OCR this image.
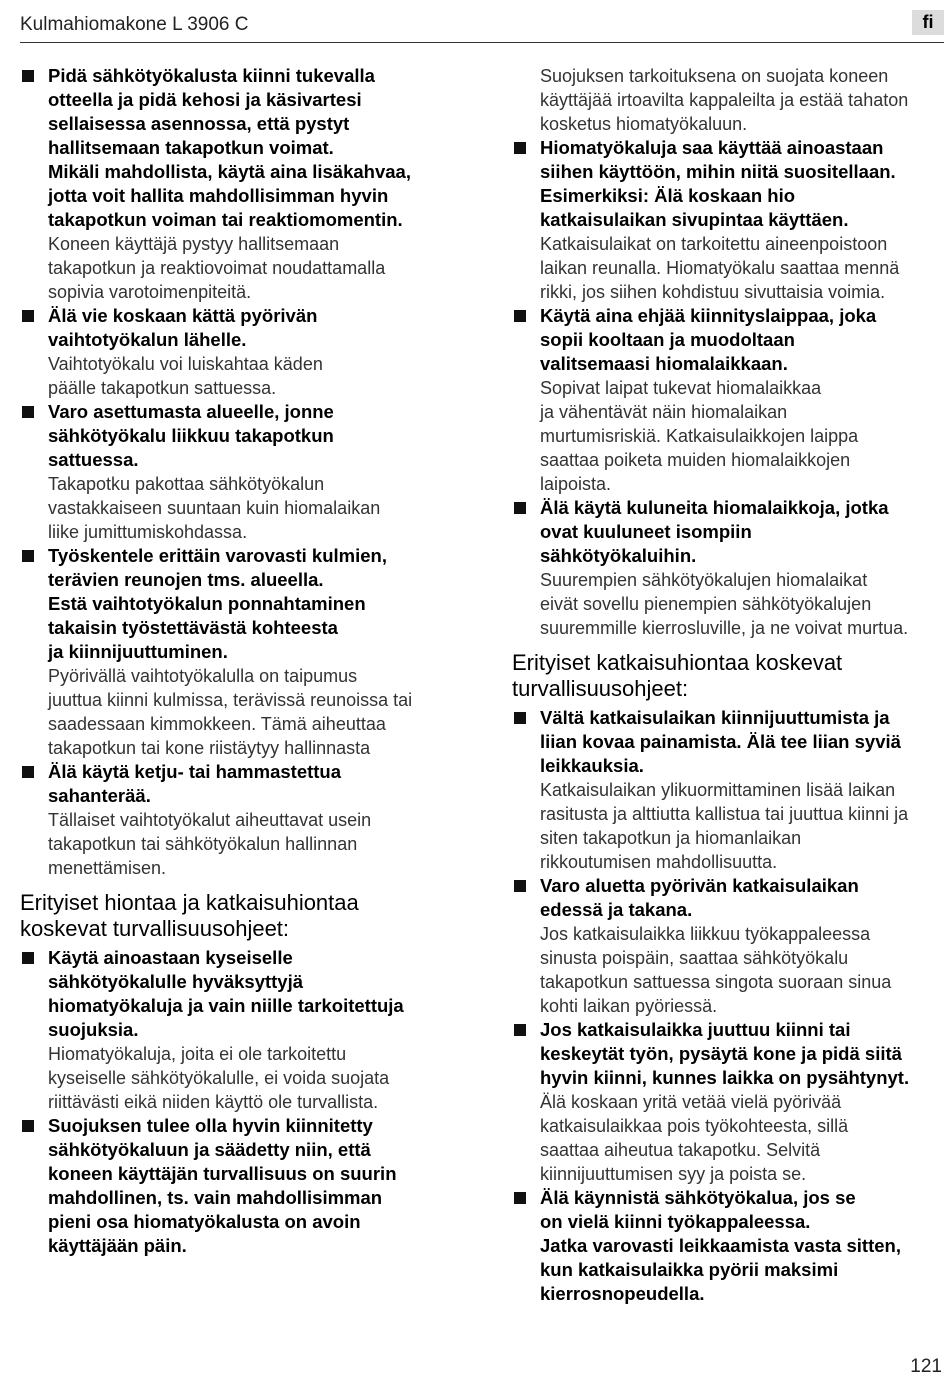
Kulmahiomakone L 3906 C	fi

Pidä sähkötyökalusta kiinni tukevalla

otteella ja pidä kehosi ja käsivartesi

sellaisessa asennossa, että pystyt

hallitsemaan takapotkun voimat.

Mikäli mahdollista, käytä aina lisäkahvaa,

jotta voit hallita mahdollisimman hyvin

takapotkun voiman tai reaktiomomentin.

Koneen käyttäjä pystyy hallitsemaan

takapotkun ja reaktiovoimat noudattamalla

sopivia varotoimenpiteitä.

Älä vie koskaan kättä pyörivän

vaihtotyökalun lähelle.

Vaihtotyökalu voi luiskahtaa käden

päälle takapotkun sattuessa.

Varo asettumasta alueelle, jonne

sähkötyökalu liikkuu takapotkun

sattuessa.

Takapotku pakottaa sähkötyökalun

vastakkaiseen suuntaan kuin hiomalaikan

liike jumittumiskohdassa.

Työskentele erittäin varovasti kulmien,

terävien reunojen tms. alueella.

Estä vaihtotyökalun ponnahtaminen

takaisin työstettävästä kohteesta

ja kiinnijuuttuminen.

Pyörivällä vaihtotyökalulla on taipumus

juuttua kiinni kulmissa, terävissä reunoissa tai

saadessaan kimmokkeen. Tämä aiheuttaa

takapotkun tai kone riistäytyy hallinnasta

Älä käytä ketju- tai hammastettua

sahanterää.

Tällaiset vaihtotyökalut aiheuttavat usein

takapotkun tai sähkötyökalun hallinnan

menettämisen.

Erityiset hiontaa ja katkaisuhiontaa
koskevat turvallisuusohjeet:

Käytä ainoastaan kyseiselle

sähkötyökalulle hyväksyttyjä

hiomatyökaluja ja vain niille tarkoitettuja

suojuksia.

Hiomatyökaluja, joita ei ole tarkoitettu

kyseiselle sähkötyökalulle, ei voida suojata

riittävästi eikä niiden käyttö ole turvallista.

Suojuksen tulee olla hyvin kiinnitetty

sähkötyökaluun ja säädetty niin, että

koneen käyttäjän turvallisuus on suurin

mahdollinen, ts. vain mahdollisimman

pieni osa hiomatyökalusta on avoin

käyttäjään päin.

Suojuksen tarkoituksena on suojata koneen

käyttäjää irtoavilta kappaleilta ja estää tahaton

kosketus hiomatyökaluun.

Hiomatyökaluja saa käyttää ainoastaan

siihen käyttöön, mihin niitä suositellaan.

Esimerkiksi: Älä koskaan hio

katkaisulaikan sivupintaa käyttäen.

Katkaisulaikat on tarkoitettu aineenpoistoon

laikan reunalla. Hiomatyökalu saattaa mennä

rikki, jos siihen kohdistuu sivuttaisia voimia.

Käytä aina ehjää kiinnityslaippaa, joka

sopii kooltaan ja muodoltaan

valitsemaasi hiomalaikkaan.

Sopivat laipat tukevat hiomalaikkaa

ja vähentävät näin hiomalaikan

murtumisriskiä. Katkaisulaikkojen laippa

saattaa poiketa muiden hiomalaikkojen

laipoista.

Älä käytä kuluneita hiomalaikkoja, jotka

ovat kuuluneet isompiin

sähkötyökaluihin.

Suurempien sähkötyökalujen hiomalaikat

eivät sovellu pienempien sähkötyökalujen

suuremmille kierrosluville, ja ne voivat murtua.

Erityiset katkaisuhiontaa koskevat
turvallisuusohjeet:

Vältä katkaisulaikan kiinnijuuttumista ja

liian kovaa painamista. Älä tee liian syviä

leikkauksia.

Katkaisulaikan ylikuormittaminen lisää laikan

rasitusta ja alttiutta kallistua tai juuttua kiinni ja

siten takapotkun ja hiomanlaikan

rikkoutumisen mahdollisuutta.

Varo aluetta pyörivän katkaisulaikan

edessä ja takana.

Jos katkaisulaikka liikkuu työkappaleessa

sinusta poispäin, saattaa sähkötyökalu

takapotkun sattuessa singota suoraan sinua

kohti laikan pyöriessä.

Jos katkaisulaikka juuttuu kiinni tai

keskeytät työn, pysäytä kone ja pidä siitä

hyvin kiinni, kunnes laikka on pysähtynyt.

Älä koskaan yritä vetää vielä pyörivää

katkaisulaikkaa pois työkohteesta, sillä

saattaa aiheutua takapotku. Selvitä

kiinnijuuttumisen syy ja poista se.

Älä käynnistä sähkötyökalua, jos se

on vielä kiinni työkappaleessa.

Jatka varovasti leikkaamista vasta sitten,

kun katkaisulaikka pyörii maksimi

kierrosnopeudella.

121
